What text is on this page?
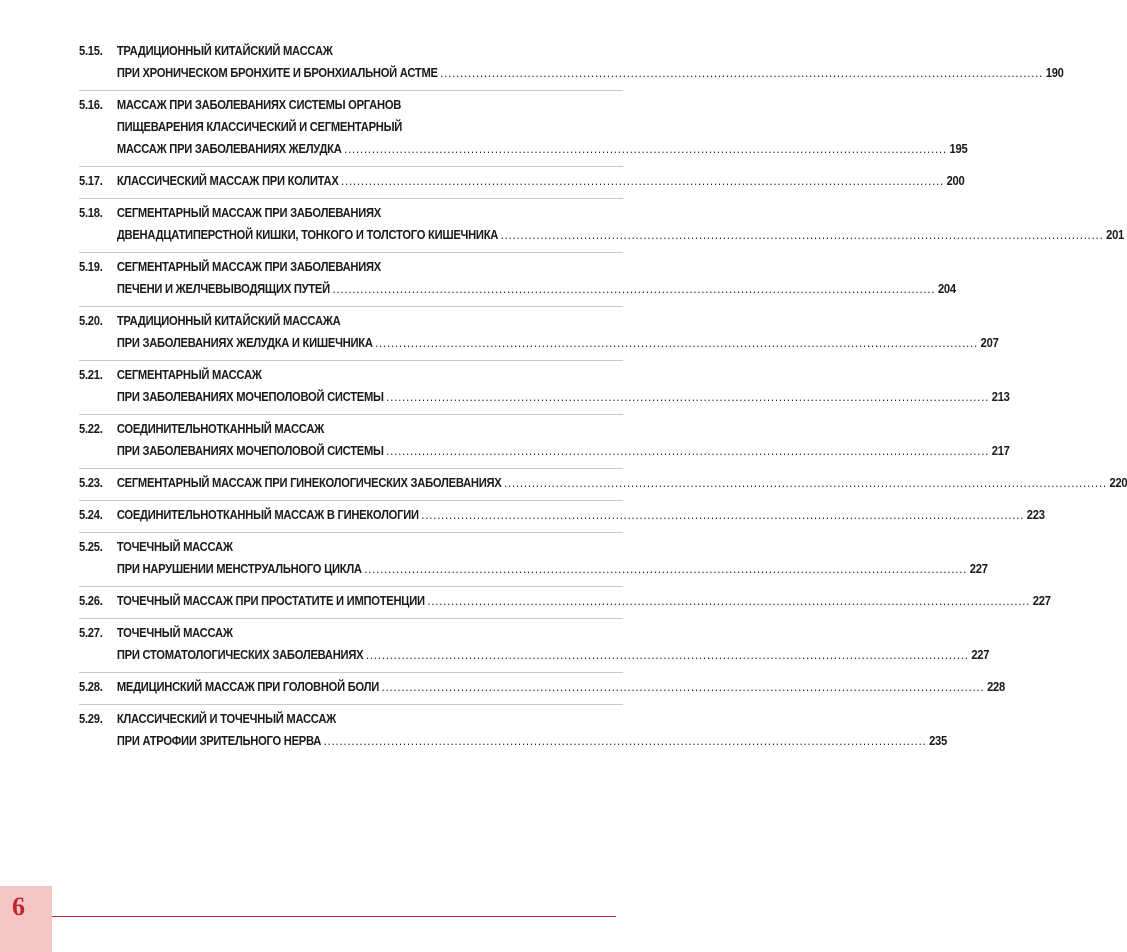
5.15.	ТРАДИЦИОННЫЙ КИТАЙСКИЙ МАССАЖ
ПРИ ХРОНИЧЕСКОМ БРОНХИТЕ И БРОНХИАЛЬНОЙ АСТМЕ .....	190
5.16.	МАССАЖ ПРИ ЗАБОЛЕВАНИЯХ СИСТЕМЫ ОРГАНОВ
ПИЩЕВАРЕНИЯ КЛАССИЧЕСКИЙ И СЕГМЕНТАРНЫЙ
МАССАЖ ПРИ ЗАБОЛЕВАНИЯХ ЖЕЛУДКА .....	195
5.17.	КЛАССИЧЕСКИЙ МАССАЖ ПРИ КОЛИТАХ .....	200
5.18.	СЕГМЕНТАРНЫЙ МАССАЖ ПРИ ЗАБОЛЕВАНИЯХ
ДВЕНАДЦАТИПЕРСТНОЙ КИШКИ, ТОНКОГО И ТОЛСТОГО КИШЕЧНИКА .....	201
5.19.	СЕГМЕНТАРНЫЙ МАССАЖ ПРИ ЗАБОЛЕВАНИЯХ
ПЕЧЕНИ И ЖЕЛЧЕВЫВОДЯЩИХ ПУТЕЙ .....	204
5.20.	ТРАДИЦИОННЫЙ КИТАЙСКИЙ МАССАЖА
ПРИ ЗАБОЛЕВАНИЯХ ЖЕЛУДКА И КИШЕЧНИКА .....	207
5.21.	СЕГМЕНТАРНЫЙ МАССАЖ
ПРИ ЗАБОЛЕВАНИЯХ МОЧЕПОЛОВОЙ СИСТЕМЫ .....	213
5.22.	СОЕДИНИТЕЛЬНОТКАННЫЙ МАССАЖ
ПРИ ЗАБОЛЕВАНИЯХ МОЧЕПОЛОВОЙ СИСТЕМЫ .....	217
5.23.	СЕГМЕНТАРНЫЙ МАССАЖ ПРИ ГИНЕКОЛОГИЧЕСКИХ ЗАБОЛЕВАНИЯХ .....	220
5.24.	СОЕДИНИТЕЛЬНОТКАННЫЙ МАССАЖ В ГИНЕКОЛОГИИ .....	223
5.25.	ТОЧЕЧНЫЙ МАССАЖ
ПРИ НАРУШЕНИИ МЕНСТРУАЛЬНОГО ЦИКЛА .....	227
5.26.	ТОЧЕЧНЫЙ МАССАЖ ПРИ ПРОСТАТИТЕ И ИМПОТЕНЦИИ .....	227
5.27.	ТОЧЕЧНЫЙ МАССАЖ
ПРИ СТОМАТОЛОГИЧЕСКИХ ЗАБОЛЕВАНИЯХ .....	227
5.28.	МЕДИЦИНСКИЙ МАССАЖ ПРИ ГОЛОВНОЙ БОЛИ .....	228
5.29.	КЛАССИЧЕСКИЙ И ТОЧЕЧНЫЙ МАССАЖ
ПРИ АТРОФИИ ЗРИТЕЛЬНОГО НЕРВА .....	235
6
